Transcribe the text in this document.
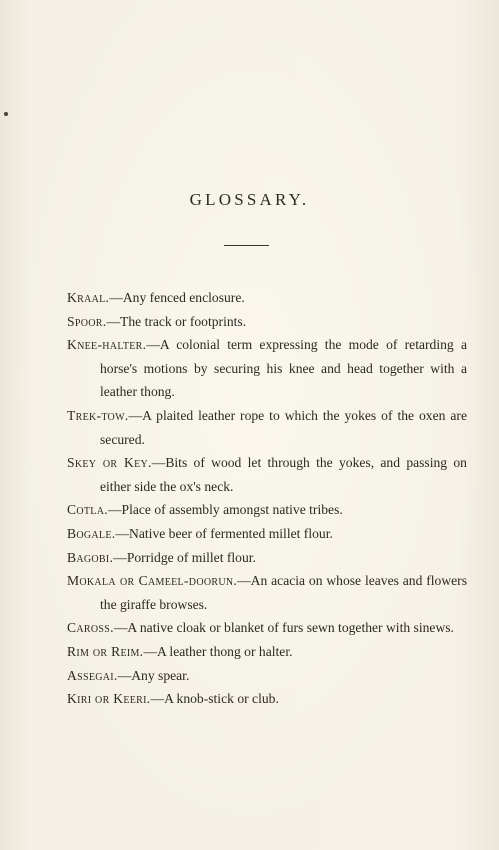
GLOSSARY.

Kraal.—Any fenced enclosure.

Spoor.—The track or footprints.

Knee-halter.—A colonial term expressing the mode of retarding a horse's motions by securing his knee and head together with a leather thong.

Trek-tow.—A plaited leather rope to which the yokes of the oxen are secured.

Skey or Key.—Bits of wood let through the yokes, and passing on either side the ox's neck.

Cotla.—Place of assembly amongst native tribes.

Bogale.—Native beer of fermented millet flour.

Bagobi.—Porridge of millet flour.

Mokala or Cameel-doorun.—An acacia on whose leaves and flowers the giraffe browses.

Caross.—A native cloak or blanket of furs sewn together with sinews.

Rim or Reim.—A leather thong or halter.

Assegai.—Any spear.

Kiri or Keeri.—A knob-stick or club.
